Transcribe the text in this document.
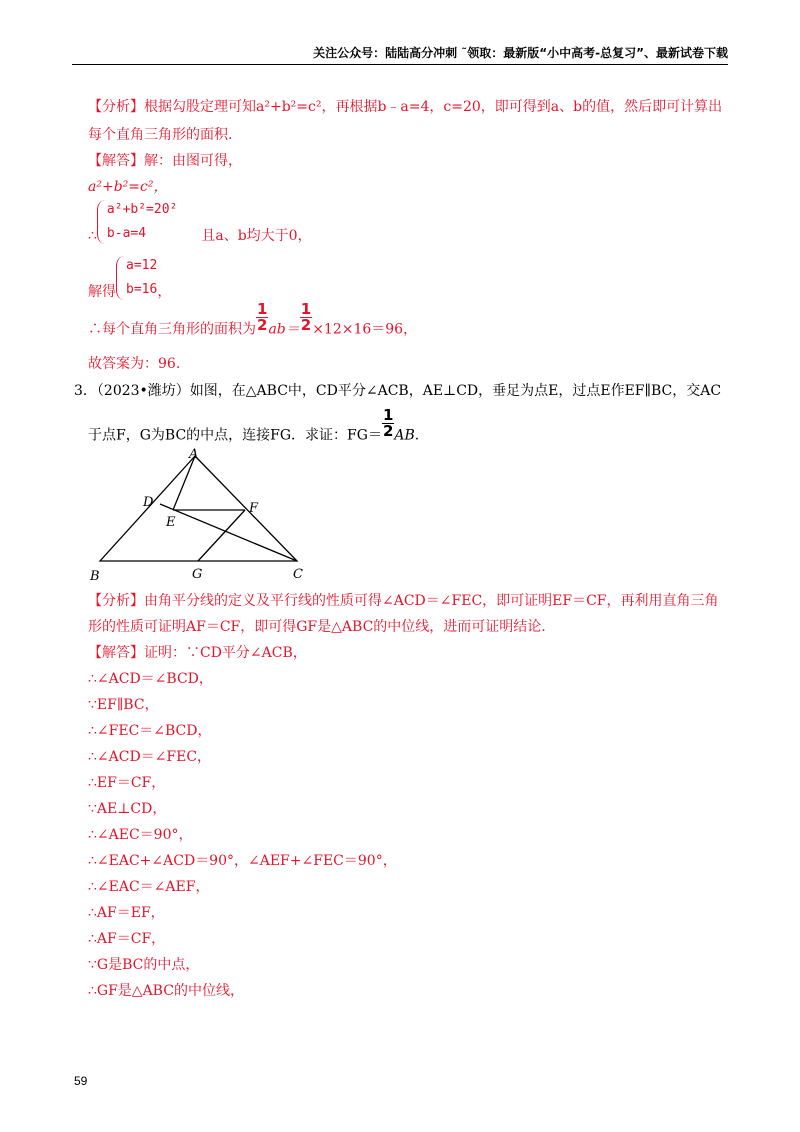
关注公众号：陆陆高分冲刺 ˜领取：最新版“小中高考-总复习”、最新试卷下载
【分析】根据勾股定理可知a²+b²=c²，再根据b﹣a=4，c=20，即可得到a、b的值，然后即可计算出
每个直角三角形的面积.
【解答】解：由图可得，
a²+b²=c²，
∴
a²+b²=20²
b-a=4	且a、b均大于0，
解得
a=12
b=16 ，
∴每个直角三角形的面积为 $\frac{1}{2} ab= \frac{1}{2} \times 12\times 16=96$，
故答案为：96.
3．（2023•潍坊）如图，在△ABC中，CD平分∠ACB，AE⊥CD，垂足为点E，过点E作EF∥BC，交AC
于点F，G为BC的中点，连接FG．求证：$FG= \frac{1}{2}$ AB.
A
B	C
D
E
F
G
【分析】由角平分线的定义及平行线的性质可得∠ACD＝∠FEC，即可证明EF＝CF，再利用直角三角
形的性质可证明AF＝CF，即可得GF是△ABC的中位线，进而可证明结论.
【解答】证明：∵CD平分∠ACB，
∴∠ACD＝∠BCD，
∵EF∥BC，
∴∠FEC＝∠BCD，
∴∠ACD＝∠FEC，
∴EF＝CF，
∵AE⊥CD，
∴∠AEC＝90°，
∴∠EAC+∠ACD＝90°，∠AEF+∠FEC＝90°，
∴∠EAC＝∠AEF，
∴AF＝EF，
∴AF＝CF，
∵G是BC的中点，
∴GF是△ABC的中位线，
59
